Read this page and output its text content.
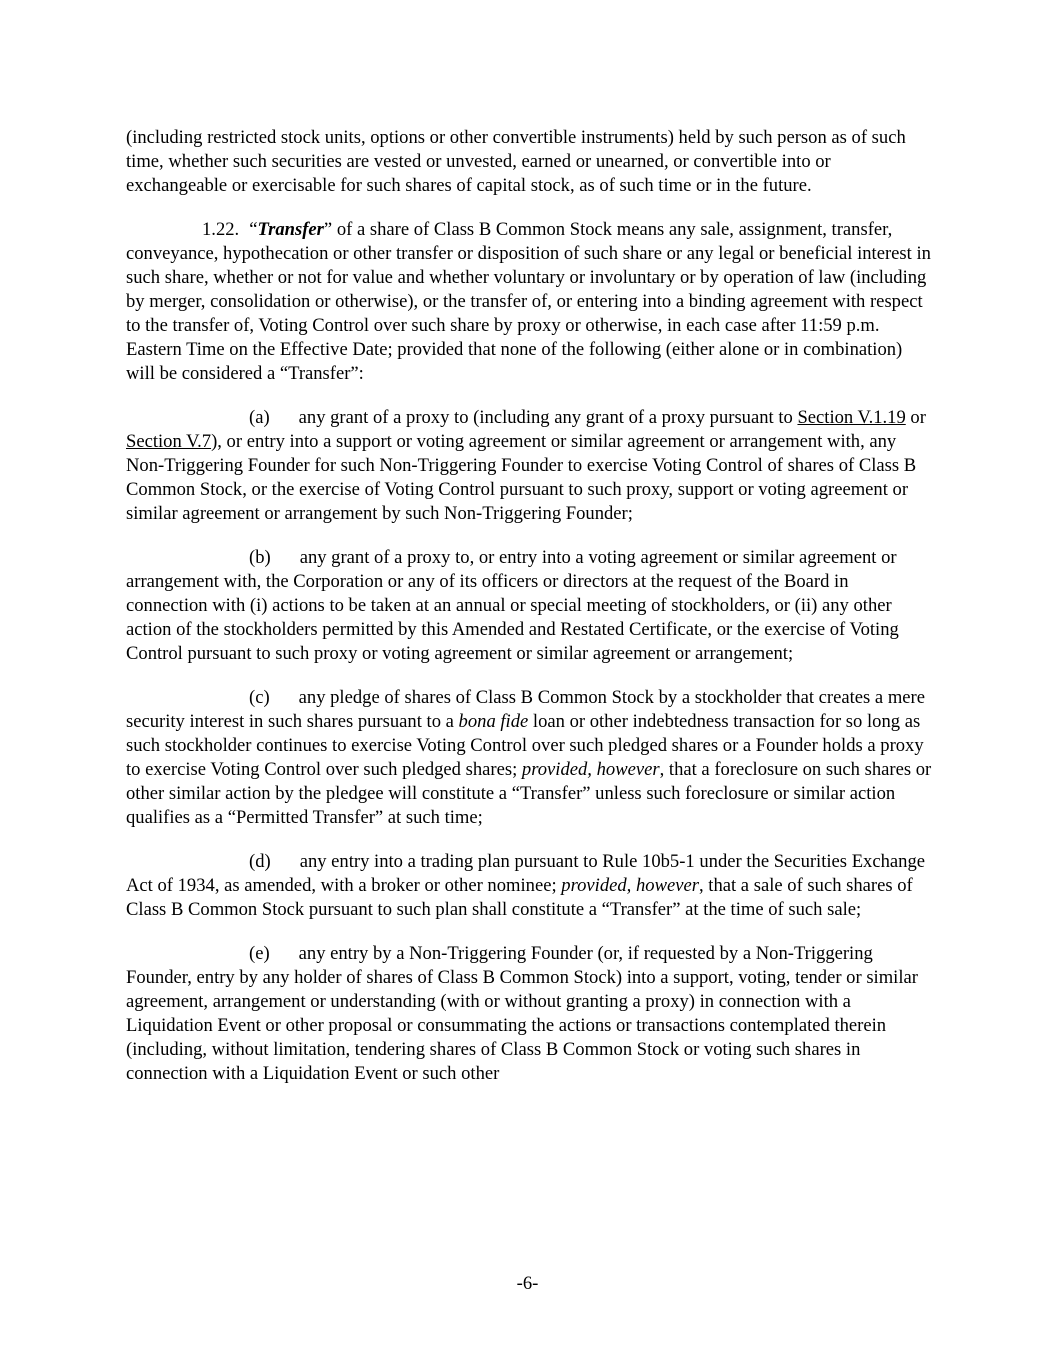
(including restricted stock units, options or other convertible instruments) held by such person as of such time, whether such securities are vested or unvested, earned or unearned, or convertible into or exchangeable or exercisable for such shares of capital stock, as of such time or in the future.

1.22. “Transfer” of a share of Class B Common Stock means any sale, assignment, transfer, conveyance, hypothecation or other transfer or disposition of such share or any legal or beneficial interest in such share, whether or not for value and whether voluntary or involuntary or by operation of law (including by merger, consolidation or otherwise), or the transfer of, or entering into a binding agreement with respect to the transfer of, Voting Control over such share by proxy or otherwise, in each case after 11:59 p.m. Eastern Time on the Effective Date; provided that none of the following (either alone or in combination) will be considered a “Transfer”:

(a) any grant of a proxy to (including any grant of a proxy pursuant to Section V.1.19 or Section V.7), or entry into a support or voting agreement or similar agreement or arrangement with, any Non-Triggering Founder for such Non-Triggering Founder to exercise Voting Control of shares of Class B Common Stock, or the exercise of Voting Control pursuant to such proxy, support or voting agreement or similar agreement or arrangement by such Non-Triggering Founder;

(b) any grant of a proxy to, or entry into a voting agreement or similar agreement or arrangement with, the Corporation or any of its officers or directors at the request of the Board in connection with (i) actions to be taken at an annual or special meeting of stockholders, or (ii) any other action of the stockholders permitted by this Amended and Restated Certificate, or the exercise of Voting Control pursuant to such proxy or voting agreement or similar agreement or arrangement;

(c) any pledge of shares of Class B Common Stock by a stockholder that creates a mere security interest in such shares pursuant to a bona fide loan or other indebtedness transaction for so long as such stockholder continues to exercise Voting Control over such pledged shares or a Founder holds a proxy to exercise Voting Control over such pledged shares; provided, however, that a foreclosure on such shares or other similar action by the pledgee will constitute a “Transfer” unless such foreclosure or similar action qualifies as a “Permitted Transfer” at such time;

(d) any entry into a trading plan pursuant to Rule 10b5-1 under the Securities Exchange Act of 1934, as amended, with a broker or other nominee; provided, however, that a sale of such shares of Class B Common Stock pursuant to such plan shall constitute a “Transfer” at the time of such sale;

(e) any entry by a Non-Triggering Founder (or, if requested by a Non-Triggering Founder, entry by any holder of shares of Class B Common Stock) into a support, voting, tender or similar agreement, arrangement or understanding (with or without granting a proxy) in connection with a Liquidation Event or other proposal or consummating the actions or transactions contemplated therein (including, without limitation, tendering shares of Class B Common Stock or voting such shares in connection with a Liquidation Event or such other

-6-
